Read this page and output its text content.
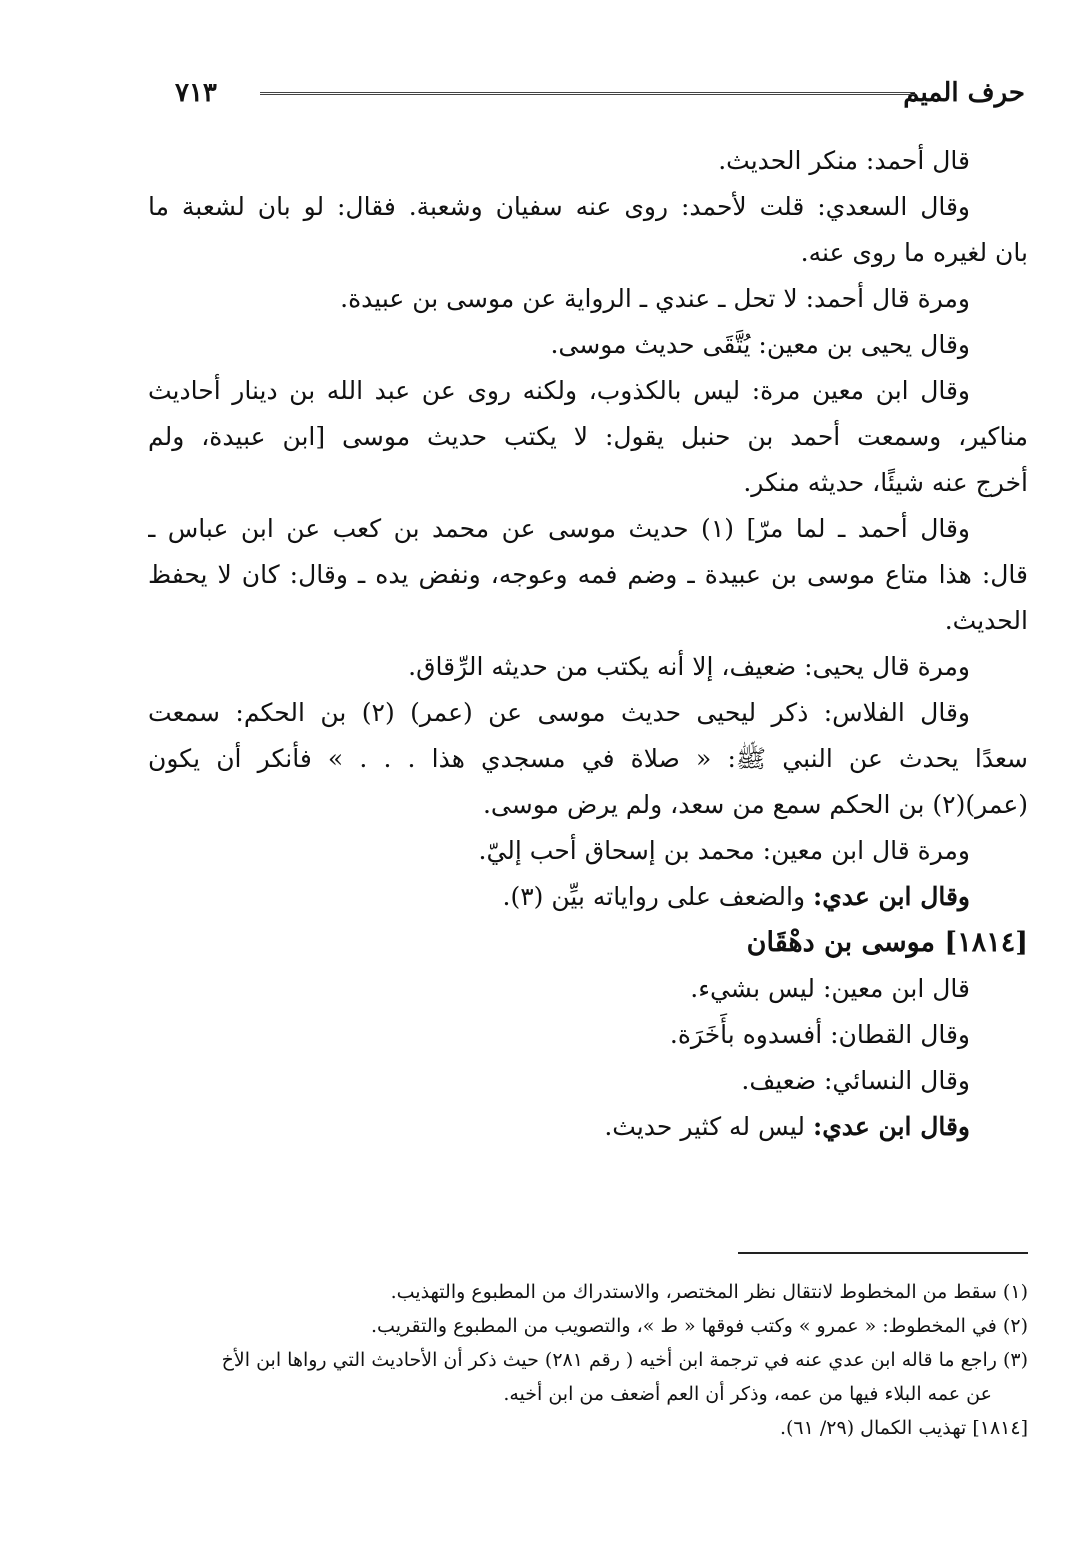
حرف الميم
٧١٣
قال أحمد: منكر الحديث.
وقال السعدي: قلت لأحمد: روى عنه سفيان وشعبة. فقال: لو بان لشعبة ما
بان لغيره ما روى عنه.
ومرة قال أحمد: لا تحل ـ عندي ـ الرواية عن موسى بن عبيدة.
وقال يحيى بن معين: يُتَّقَى حديث موسى.
وقال ابن معين مرة: ليس بالكذوب، ولكنه روى عن عبد الله بن دينار أحاديث
مناكير، وسمعت أحمد بن حنبل يقول: لا يكتب حديث موسى [ابن عبيدة، ولم
أخرج عنه شيئًا، حديثه منكر.
وقال أحمد ـ لما مرّ] (١) حديث موسى عن محمد بن كعب عن ابن عباس ـ
قال: هذا متاع موسى بن عبيدة ـ وضم فمه وعوجه، ونفض يده ـ وقال: كان لا يحفظ
الحديث.
ومرة قال يحيى: ضعيف، إلا أنه يكتب من حديثه الرِّقاق.
وقال الفلاس: ذكر ليحيى حديث موسى عن (عمر) (٢) بن الحكم: سمعت
سعدًا يحدث عن النبي ﷺ: « صلاة في مسجدي هذا . . . » فأنكر أن يكون
(عمر)(٢) بن الحكم سمع من سعد، ولم يرض موسى.
ومرة قال ابن معين: محمد بن إسحاق أحب إليّ.
وقال ابن عدي: والضعف على رواياته بيِّن (٣).
[١٨١٤] موسى بن دهْقَان
قال ابن معين: ليس بشيء.
وقال القطان: أفسدوه بأَخَرَة.
وقال النسائي: ضعيف.
وقال ابن عدي: ليس له كثير حديث.
(١) سقط من المخطوط لانتقال نظر المختصر، والاستدراك من المطبوع والتهذيب.
(٢) في المخطوط: « عمرو » وكتب فوقها « ط »، والتصويب من المطبوع والتقريب.
(٣) راجع ما قاله ابن عدي عنه في ترجمة ابن أخيه ( رقم ٢٨١) حيث ذكر أن الأحاديث التي رواها ابن الأخ
عن عمه البلاء فيها من عمه، وذكر أن العم أضعف من ابن أخيه.
[١٨١٤] تهذيب الكمال (٢٩/ ٦١).
